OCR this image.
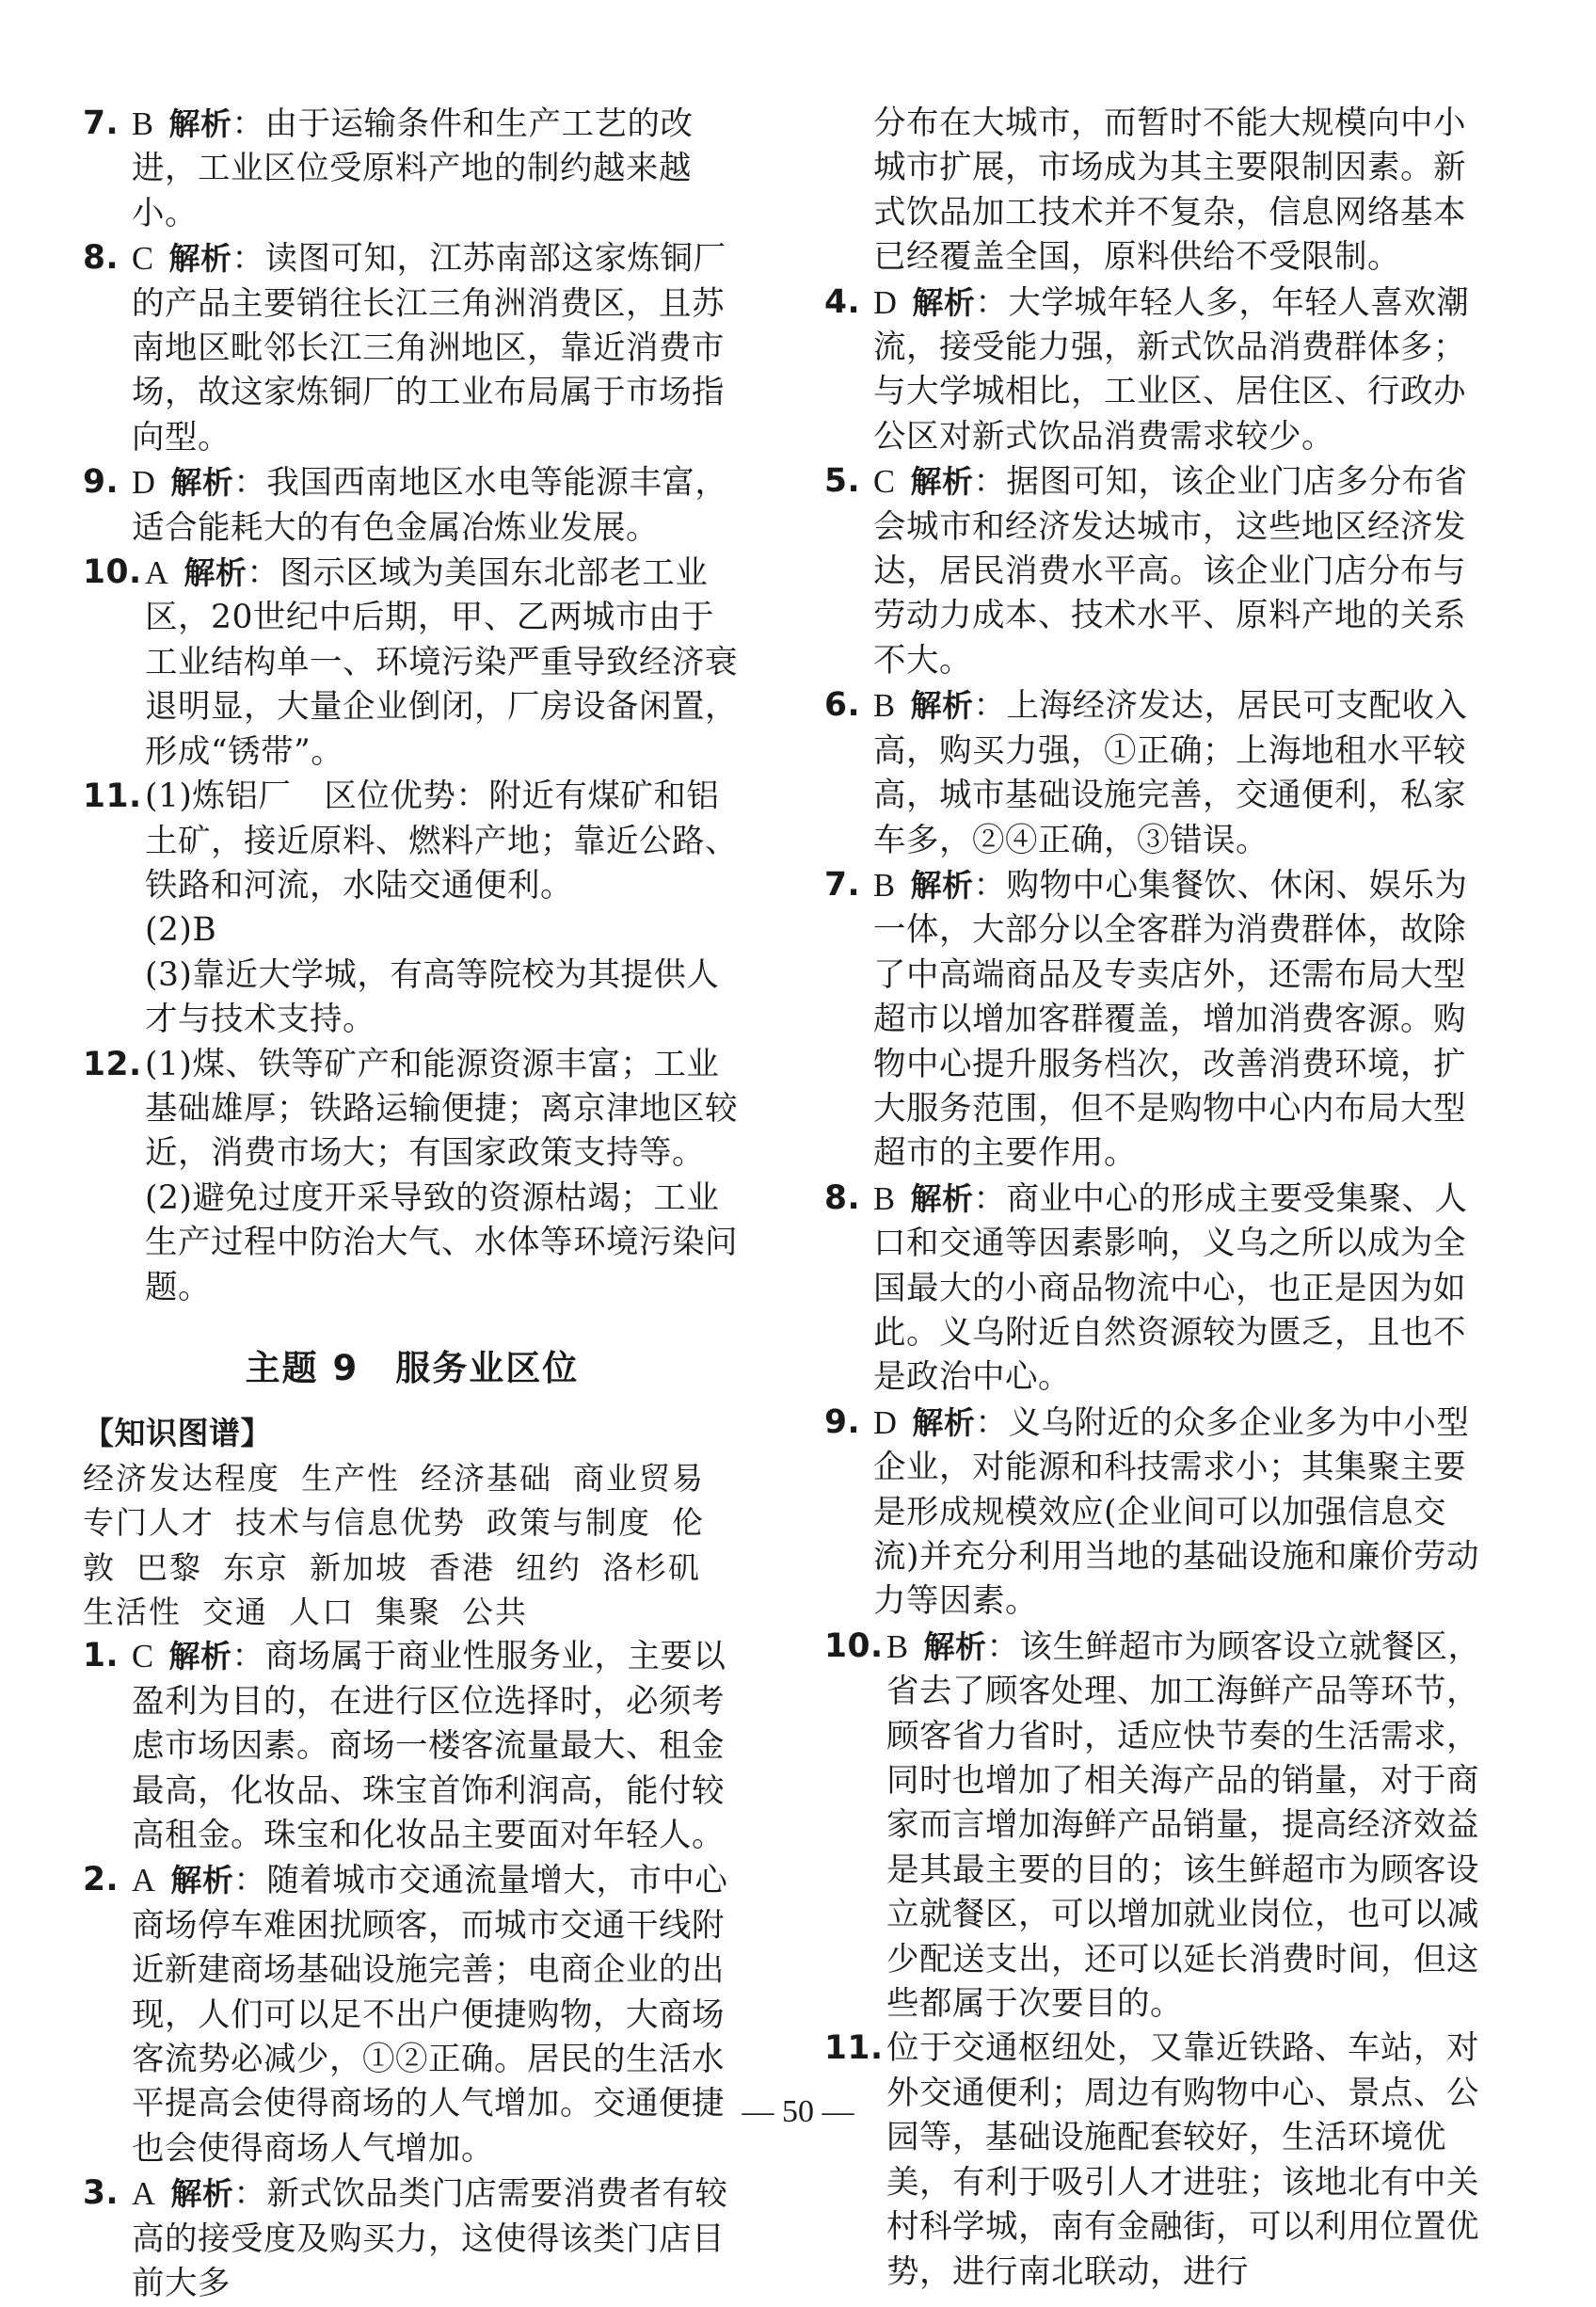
7. B 解析：由于运输条件和生产工艺的改进，工业区位受原料产地的制约越来越小。
8. C 解析：读图可知，江苏南部这家炼铜厂的产品主要销往长江三角洲消费区，且苏南地区毗邻长江三角洲地区，靠近消费市场，故这家炼铜厂的工业布局属于市场指向型。
9. D 解析：我国西南地区水电等能源丰富，适合能耗大的有色金属冶炼业发展。
10. A 解析：图示区域为美国东北部老工业区，20世纪中后期，甲、乙两城市由于工业结构单一、环境污染严重导致经济衰退明显，大量企业倒闭，厂房设备闲置，形成“锈带”。
11. (1)炼铝厂　区位优势：附近有煤矿和铝土矿，接近原料、燃料产地；靠近公路、铁路和河流，水陆交通便利。
(2)B
(3)靠近大学城，有高等院校为其提供人才与技术支持。
12. (1)煤、铁等矿产和能源资源丰富；工业基础雄厚；铁路运输便捷；离京津地区较近，消费市场大；有国家政策支持等。
(2)避免过度开采导致的资源枯竭；工业生产过程中防治大气、水体等环境污染问题。
主题 9　服务业区位
【知识图谱】
经济发达程度 生产性 经济基础 商业贸易专门人才 技术与信息优势 政策与制度 伦敦 巴黎 东京 新加坡 香港 纽约 洛杉矶生活性 交通 人口 集聚 公共
1. C 解析：商场属于商业性服务业，主要以盈利为目的，在进行区位选择时，必须考虑市场因素。商场一楼客流量最大、租金最高，化妆品、珠宝首饰利润高，能付较高租金。珠宝和化妆品主要面对年轻人。
2. A 解析：随着城市交通流量增大，市中心商场停车难困扰顾客，而城市交通干线附近新建商场基础设施完善；电商企业的出现，人们可以足不出户便捷购物，大商场客流势必减少，①②正确。居民的生活水平提高会使得商场的人气增加。交通便捷也会使得商场人气增加。
3. A 解析：新式饮品类门店需要消费者有较高的接受度及购买力，这使得该类门店目前大多
分布在大城市，而暂时不能大规模向中小城市扩展，市场成为其主要限制因素。新式饮品加工技术并不复杂，信息网络基本已经覆盖全国，原料供给不受限制。
4. D 解析：大学城年轻人多，年轻人喜欢潮流，接受能力强，新式饮品消费群体多；与大学城相比，工业区、居住区、行政办公区对新式饮品消费需求较少。
5. C 解析：据图可知，该企业门店多分布省会城市和经济发达城市，这些地区经济发达，居民消费水平高。该企业门店分布与劳动力成本、技术水平、原料产地的关系不大。
6. B 解析：上海经济发达，居民可支配收入高，购买力强，①正确；上海地租水平较高，城市基础设施完善，交通便利，私家车多，②④正确，③错误。
7. B 解析：购物中心集餐饮、休闲、娱乐为一体，大部分以全客群为消费群体，故除了中高端商品及专卖店外，还需布局大型超市以增加客群覆盖，增加消费客源。购物中心提升服务档次，改善消费环境，扩大服务范围，但不是购物中心内布局大型超市的主要作用。
8. B 解析：商业中心的形成主要受集聚、人口和交通等因素影响，义乌之所以成为全国最大的小商品物流中心，也正是因为如此。义乌附近自然资源较为匮乏，且也不是政治中心。
9. D 解析：义乌附近的众多企业多为中小型企业，对能源和科技需求小；其集聚主要是形成规模效应(企业间可以加强信息交流)并充分利用当地的基础设施和廉价劳动力等因素。
10. B 解析：该生鲜超市为顾客设立就餐区，省去了顾客处理、加工海鲜产品等环节，顾客省力省时，适应快节奏的生活需求，同时也增加了相关海产品的销量，对于商家而言增加海鲜产品销量，提高经济效益是其最主要的目的；该生鲜超市为顾客设立就餐区，可以增加就业岗位，也可以减少配送支出，还可以延长消费时间，但这些都属于次要目的。
11. 位于交通枢纽处，又靠近铁路、车站，对外交通便利；周边有购物中心、景点、公园等，基础设施配套较好，生活环境优美，有利于吸引人才进驻；该地北有中关村科学城，南有金融街，可以利用位置优势，进行南北联动，进行
— 50 —
